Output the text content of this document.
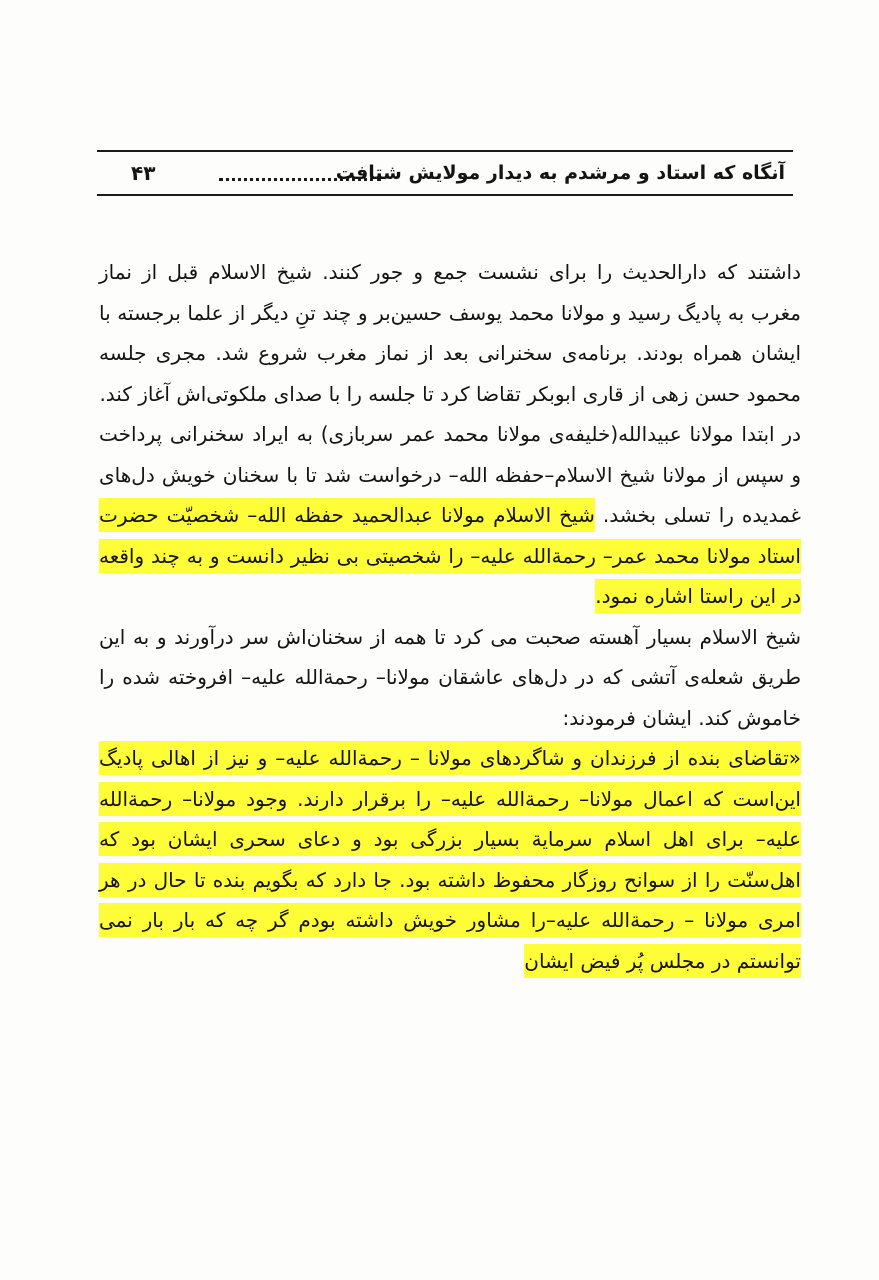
آنگاه که استاد و مرشدم به دیدار مولایش شتافت
۴۳

داشتند که دارالحدیث را برای نشست جمع و جور کنند. شیخ الاسلام قبل از نماز مغرب به پادیگ رسید و مولانا محمد یوسف حسین‌بر و چند تنِ دیگر از علما برجسته با ایشان همراه بودند. برنامه‌ی سخنرانی بعد از نماز مغرب شروع شد. مجری جلسه محمود حسن زهی از قاری ابوبکر تقاضا کرد تا جلسه را با صدای ملکوتی‌اش آغاز کند.

در ابتدا مولانا عبیدالله(خلیفه‌ی مولانا محمد عمر سربازی) به ایراد سخنرانی پرداخت و سپس از مولانا شیخ الاسلام–حفظه الله– درخواست شد تا با سخنان خویش دل‌های غمدیده را تسلی بخشد. شیخ الاسلام مولانا عبدالحمید حفظه الله– شخصیّت حضرت استاد مولانا محمد عمر– رحمةالله علیه– را شخصیتی بی نظیر دانست و به چند واقعه در این راستا اشاره نمود.

شیخ الاسلام بسیار آهسته صحبت می کرد تا همه از سخنان‌اش سر درآورند و به این طریق شعله‌ی آتشی که در دل‌های عاشقان مولانا– رحمةالله علیه– افروخته شده را خاموش کند. ایشان فرمودند:

«تقاضای بنده از فرزندان و شاگردهای مولانا – رحمةالله علیه– و نیز از اهالی پادیگ این‌است که اعمال مولانا– رحمةالله علیه– را برقرار دارند. وجود مولانا– رحمةالله علیه– برای اهل اسلام سرمایة بسیار بزرگی بود و دعای سحری ایشان بود که اهل‌سنّت را از سوانح روزگار محفوظ داشته بود. جا دارد که بگویم بنده تا حال در هر امری مولانا – رحمةالله علیه–را مشاور خویش داشته بودم گر چه که بار بار نمی توانستم در مجلس پُر فیض ایشان
